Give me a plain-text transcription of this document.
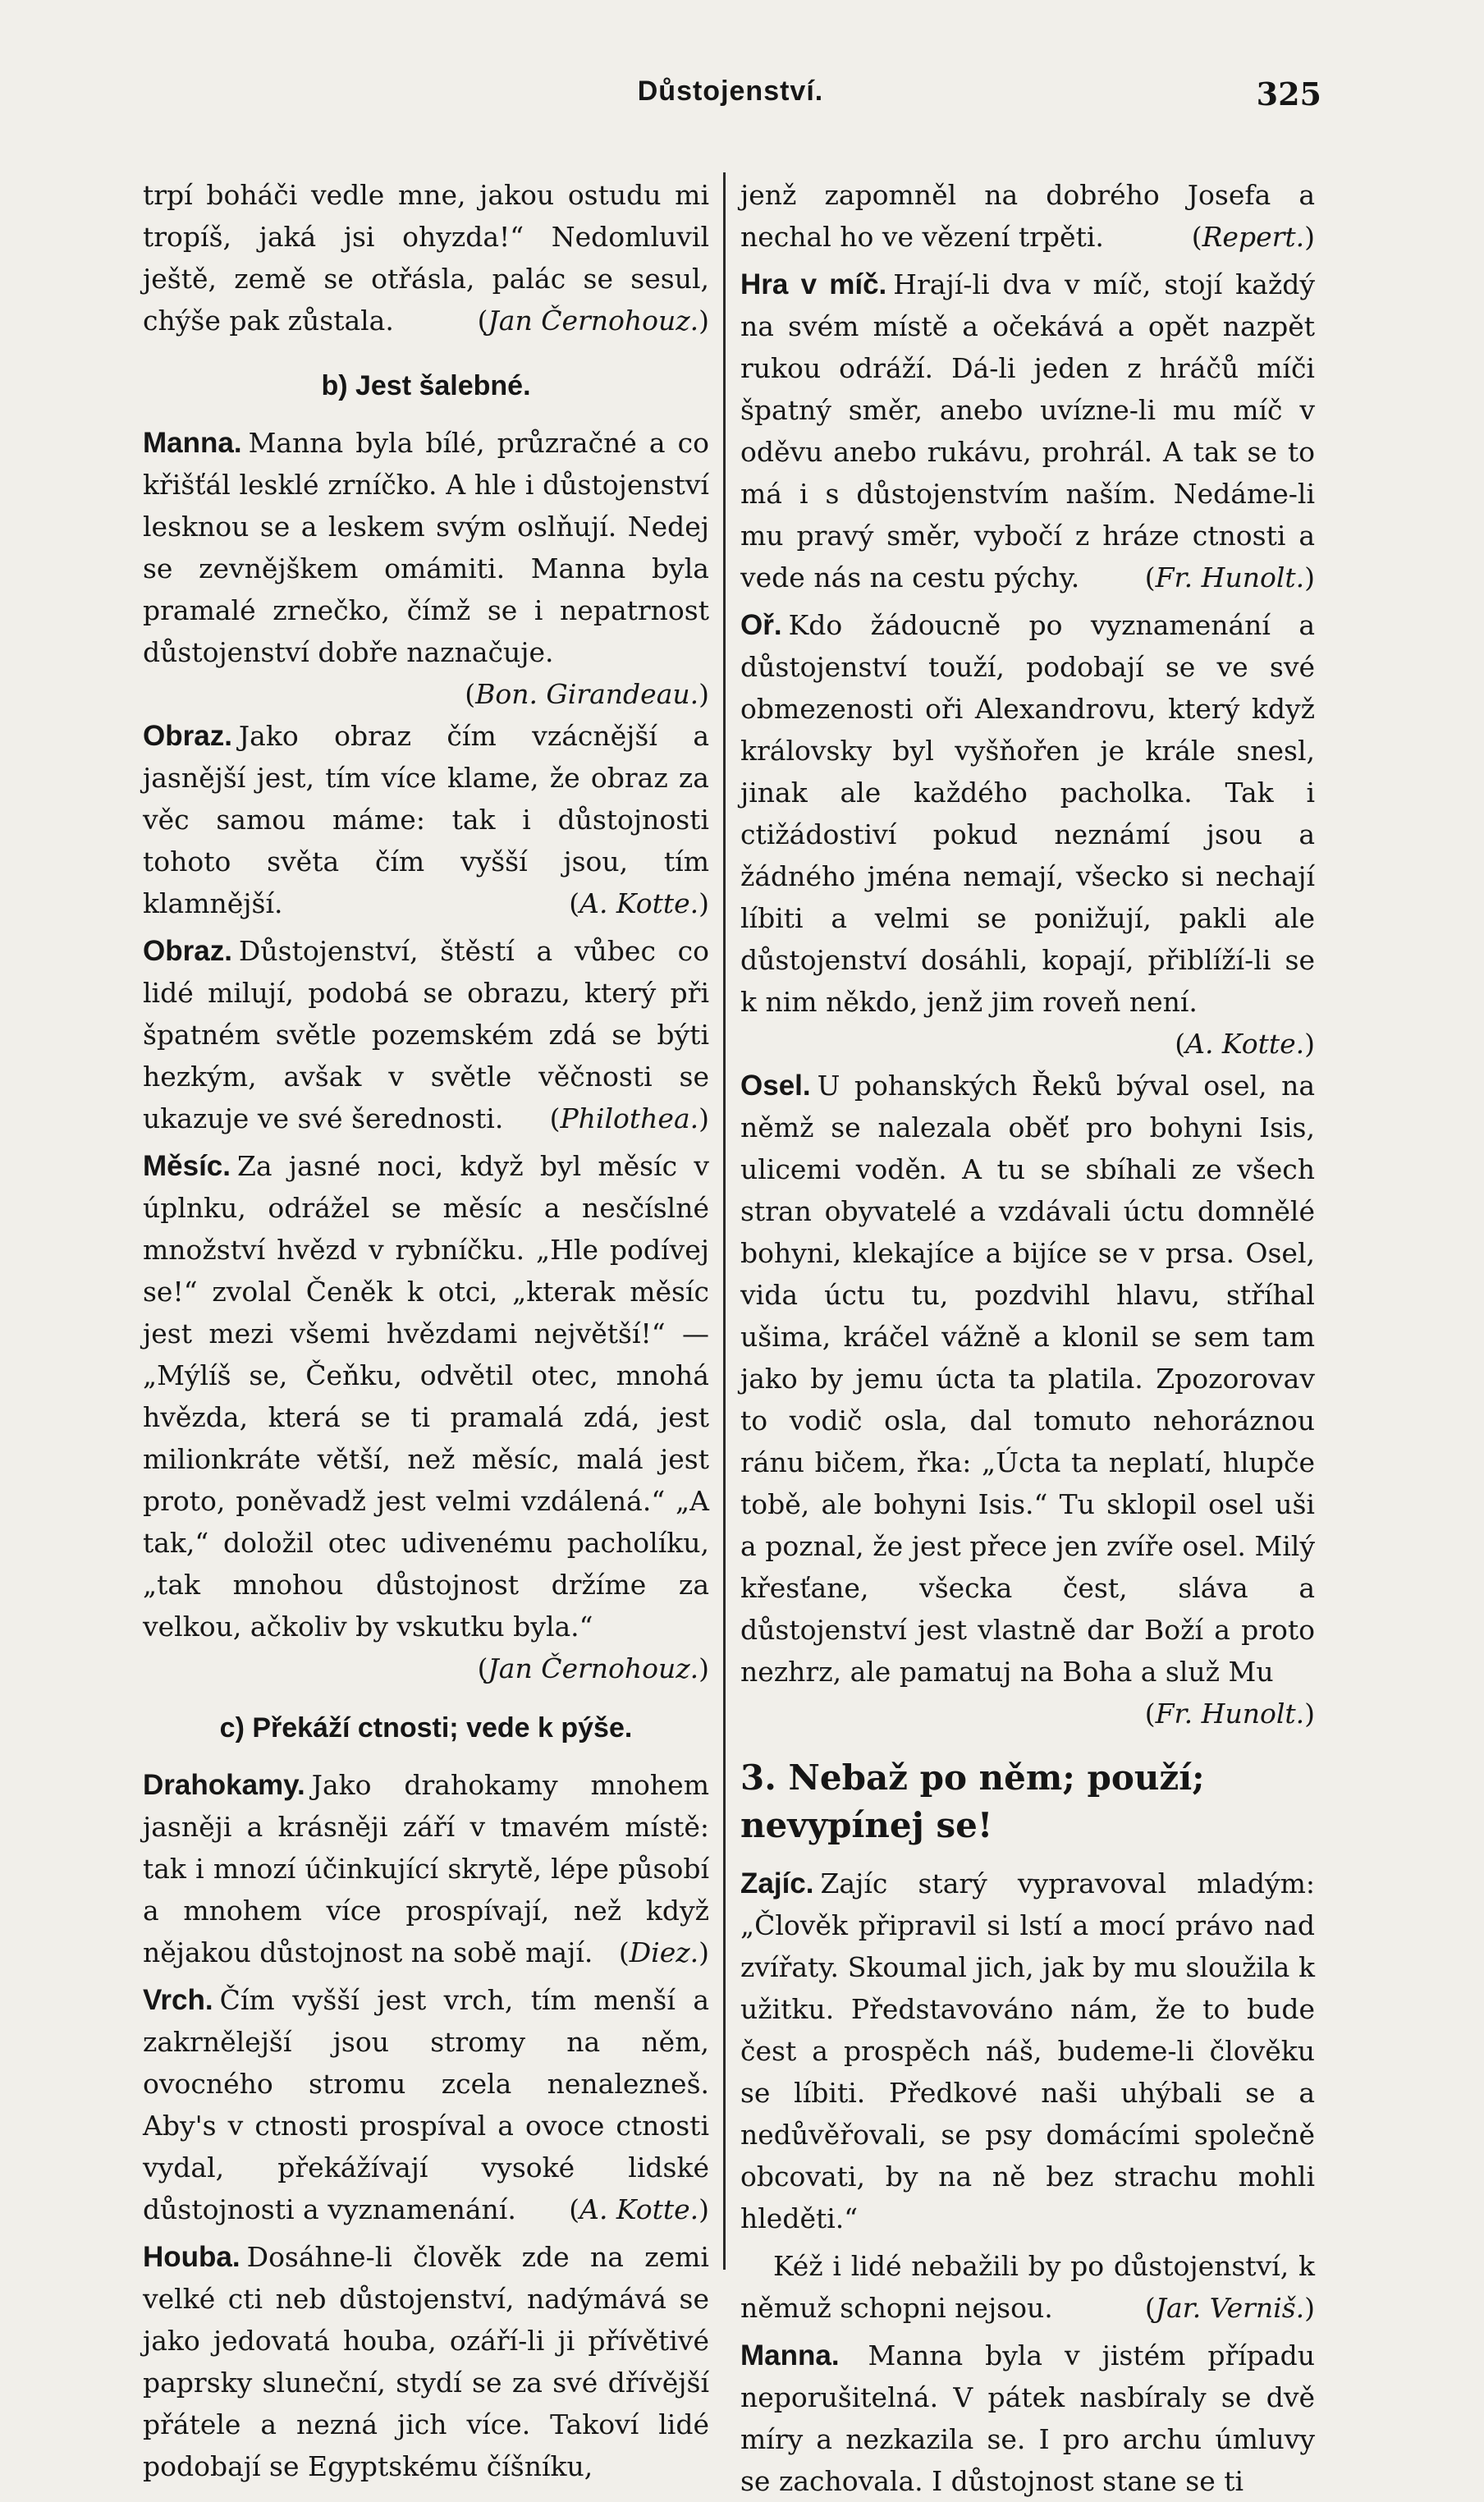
Důstojenství.	325

trpí boháči vedle mne, jakou ostudu mi tropíš, jaká jsi ohyzda!“ Nedomluvil ještě, země se otřásla, palác se sesul, chýše pak zůstala.	( Jan Černohouz. )

b) Jest šalebné.

Manna. Manna byla bílé, průzračné a co křišťál lesklé zrníčko. A hle i důstojenství lesknou se a leskem svým oslňují. Nedej se zevnějškem omámiti. Manna byla pramalé zrnečko, čímž se i nepatrnost důstojenství dobře naznačuje.
( Bon. Girandeau. )

Obraz. Jako obraz čím vzácnější a jasnější jest, tím více klame, že obraz za věc samou máme: tak i důstojnosti tohoto světa čím vyšší jsou, tím klamnější.	( A. Kotte. )

Obraz. Důstojenství, štěstí a vůbec co lidé milují, podobá se obrazu, který při špatném světle pozemském zdá se býti hezkým, avšak v světle věčnosti se ukazuje ve své šerednosti.	( Philothea. )

Měsíc. Za jasné noci, když byl měsíc v úplnku, odrážel se měsíc a nesčíslné množství hvězd v rybníčku. „Hle podívej se!“ zvolal Čeněk k otci, „kterak měsíc jest mezi všemi hvězdami největší!“ — „Mýlíš se, Čeňku, odvětil otec, mnohá hvězda, která se ti pramalá zdá, jest milionkráte větší, než měsíc, malá jest proto, poněvadž jest velmi vzdálená.“ „A tak,“ doložil otec udivenému pacholíku, „tak mnohou důstojnost držíme za velkou, ačkoliv by vskutku byla.“
( Jan Černohouz. )

c) Překáží ctnosti; vede k pýše.

Drahokamy. Jako drahokamy mnohem jasněji a krásněji září v tmavém místě: tak i mnozí účinkující skrytě, lépe působí a mnohem více prospívají, než když nějakou důstojnost na sobě mají.	( Diez. )

Vrch. Čím vyšší jest vrch, tím menší a zakrnělejší jsou stromy na něm, ovocného stromu zcela nenalezneš. Aby's v ctnosti prospíval a ovoce ctnosti vydal, překážívají vysoké lidské důstojnosti a vyznamenání.	( A. Kotte. )

Houba. Dosáhne-li člověk zde na zemi velké cti neb důstojenství, nadýmává se jako jedovatá houba, ozáří-li ji přívětivé paprsky sluneční, stydí se za své dřívější přátele a nezná jich více. Takoví lidé podobají se Egyptskému číšníku,

jenž zapomněl na dobrého Josefa a nechal ho ve vězení trpěti.	( Repert. )

Hra v míč. Hrají-li dva v míč, stojí každý na svém místě a očekává a opět nazpět rukou odráží. Dá-li jeden z hráčů míči špatný směr, anebo uvízne-li mu míč v oděvu anebo rukávu, prohrál. A tak se to má i s důstojenstvím naším. Nedáme-li mu pravý směr, vybočí z hráze ctnosti a vede nás na cestu pýchy.	( Fr. Hunolt. )

Oř. Kdo žádoucně po vyznamenání a důstojenství touží, podobají se ve své obmezenosti oři Alexandrovu, který když královsky byl vyšňořen je krále snesl, jinak ale každého pacholka. Tak i ctižádostiví pokud neznámí jsou a žádného jména nemají, všecko si nechají líbiti a velmi se ponižují, pakli ale důstojenství dosáhli, kopají, přiblíží-li se k nim někdo, jenž jim roveň není.
( A. Kotte. )

Osel. U pohanských Řeků býval osel, na němž se nalezala oběť pro bohyni Isis, ulicemi voděn. A tu se sbíhali ze všech stran obyvatelé a vzdávali úctu domnělé bohyni, klekajíce a bijíce se v prsa. Osel, vida úctu tu, pozdvihl hlavu, stříhal ušima, kráčel vážně a klonil se sem tam jako by jemu úcta ta platila. Zpozorovav to vodič osla, dal tomuto nehoráznou ránu bičem, řka: „Úcta ta neplatí, hlupče tobě, ale bohyni Isis.“ Tu sklopil osel uši a poznal, že jest přece jen zvíře osel. Milý křesťane, všecka čest, sláva a důstojenství jest vlastně dar Boží a proto nezhrz, ale pamatuj na Boha a služ Mu
( Fr. Hunolt. )

3. Nebaž po něm; použí; nevypínej se!

Zajíc. Zajíc starý vypravoval mladým: „Člověk připravil si lstí a mocí právo nad zvířaty. Skoumal jich, jak by mu sloužila k užitku. Představováno nám, že to bude čest a prospěch náš, budeme-li člověku se líbiti. Předkové naši uhýbali se a nedůvěřovali, se psy domácími společně obcovati, by na ně bez strachu mohli hleděti.“

Kéž i lidé nebažili by po důstojenství, k němuž schopni nejsou.	( Jar. Verniš. )

Manna. Manna byla v jistém případu neporušitelná. V pátek nasbíraly se dvě míry a nezkazila se. I pro archu úmluvy se zachovala. I důstojnost stane se ti
